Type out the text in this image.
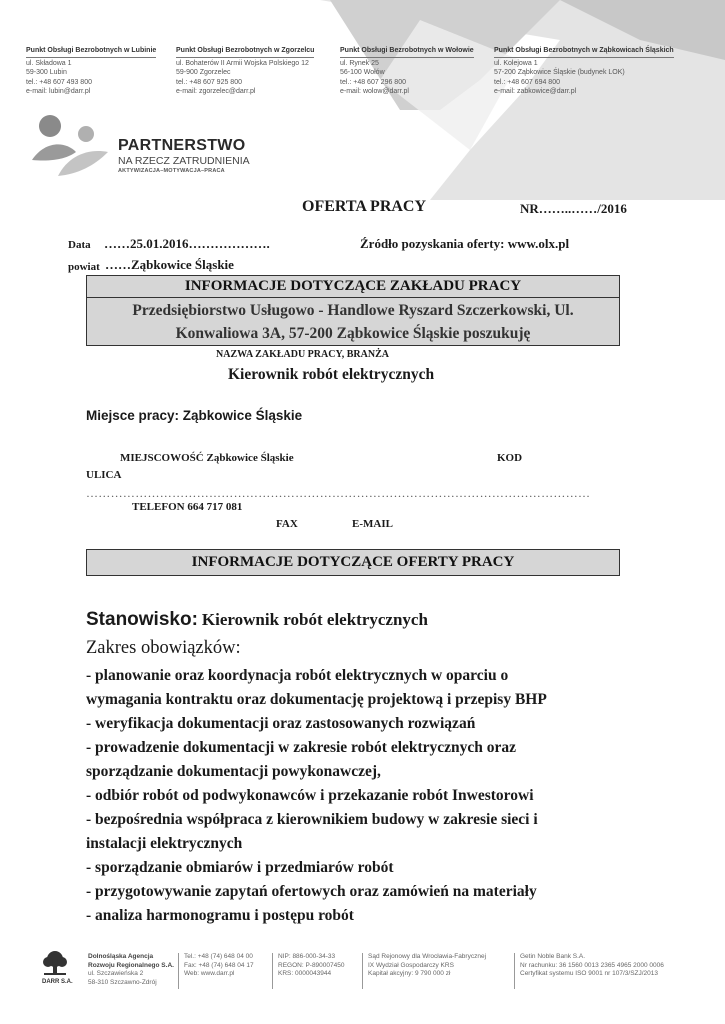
Punkt Obsługi Bezrobotnych w Lubinie
ul. Składowa 1
59-300 Lubin
tel.: +48 607 493 800
e-mail: lubin@darr.pl
Punkt Obsługi Bezrobotnych w Zgorzelcu
ul. Bohaterów II Armii Wojska Polskiego 12
59-900 Zgorzelec
tel.: +48 607 925 800
e-mail: zgorzelec@darr.pl
Punkt Obsługi Bezrobotnych w Wołowie
ul. Rynek 25
56-100 Wołów
tel.: +48 607 296 800
e-mail: wolow@darr.pl
Punkt Obsługi Bezrobotnych w Ząbkowicach Śląskich
ul. Kolejowa 1
57-200 Ząbkowice Śląskie (budynek LOK)
tel.: +48 607 694 800
e-mail: zabkowice@darr.pl
PARTNERSTWO
NA RZECZ ZATRUDNIENIA
AKTYWIZACJA–MOTYWACJA–PRACA
OFERTA PRACY	NR……..……/2016
Data ……25.01.2016……………….	Źródło pozyskania oferty: www.olx.pl
powiat ……Ząbkowice Śląskie
INFORMACJE DOTYCZĄCE ZAKŁADU PRACY
Przedsiębiorstwo Usługowo - Handlowe Ryszard Szczerkowski, Ul.
Konwaliowa 3A, 57-200 Ząbkowice Śląskie poszukuję
NAZWA ZAKŁADU PRACY, BRANŻA
Kierownik robót elektrycznych
Miejsce pracy: Ząbkowice Śląskie
MIEJSCOWOŚĆ Ząbkowice Śląskie	KOD
ULICA
……………………………………………………………………………………………………………
TELEFON 664 717 081
FAX	E-MAIL
INFORMACJE DOTYCZĄCE OFERTY PRACY
Stanowisko: Kierownik robót elektrycznych
Zakres obowiązków:
- planowanie oraz koordynacja robót elektrycznych w oparciu o
wymagania kontraktu oraz dokumentację projektową i przepisy BHP
- weryfikacja dokumentacji oraz zastosowanych rozwiązań
- prowadzenie dokumentacji w zakresie robót elektrycznych oraz
sporządzanie dokumentacji powykonawczej,
- odbiór robót od podwykonawców i przekazanie robót Inwestorowi
- bezpośrednia współpraca z kierownikiem budowy w zakresie sieci i
instalacji elektrycznych
- sporządzanie obmiarów i przedmiarów robót
- przygotowywanie zapytań ofertowych oraz zamówień na materiały
- analiza harmonogramu i postępu robót
DARR S.A.
Dolnośląska Agencja
Rozwoju Regionalnego S.A.
ul. Szczawieńska 2
58-310 Szczawno-Zdrój
Tel.: +48 (74) 648 04 00
Fax: +48 (74) 648 04 17
Web: www.darr.pl
NIP: 886-000-34-33
REGON: P-890007450
KRS: 0000043944
Sąd Rejonowy dla Wrocławia-Fabrycznej
IX Wydział Gospodarczy KRS
Kapitał akcyjny: 9 790 000 zł
Getin Noble Bank S.A.
Nr rachunku: 36 1560 0013 2365 4965 2000 0006
Certyfikat systemu ISO 9001 nr 107/3/SZJ/2013
